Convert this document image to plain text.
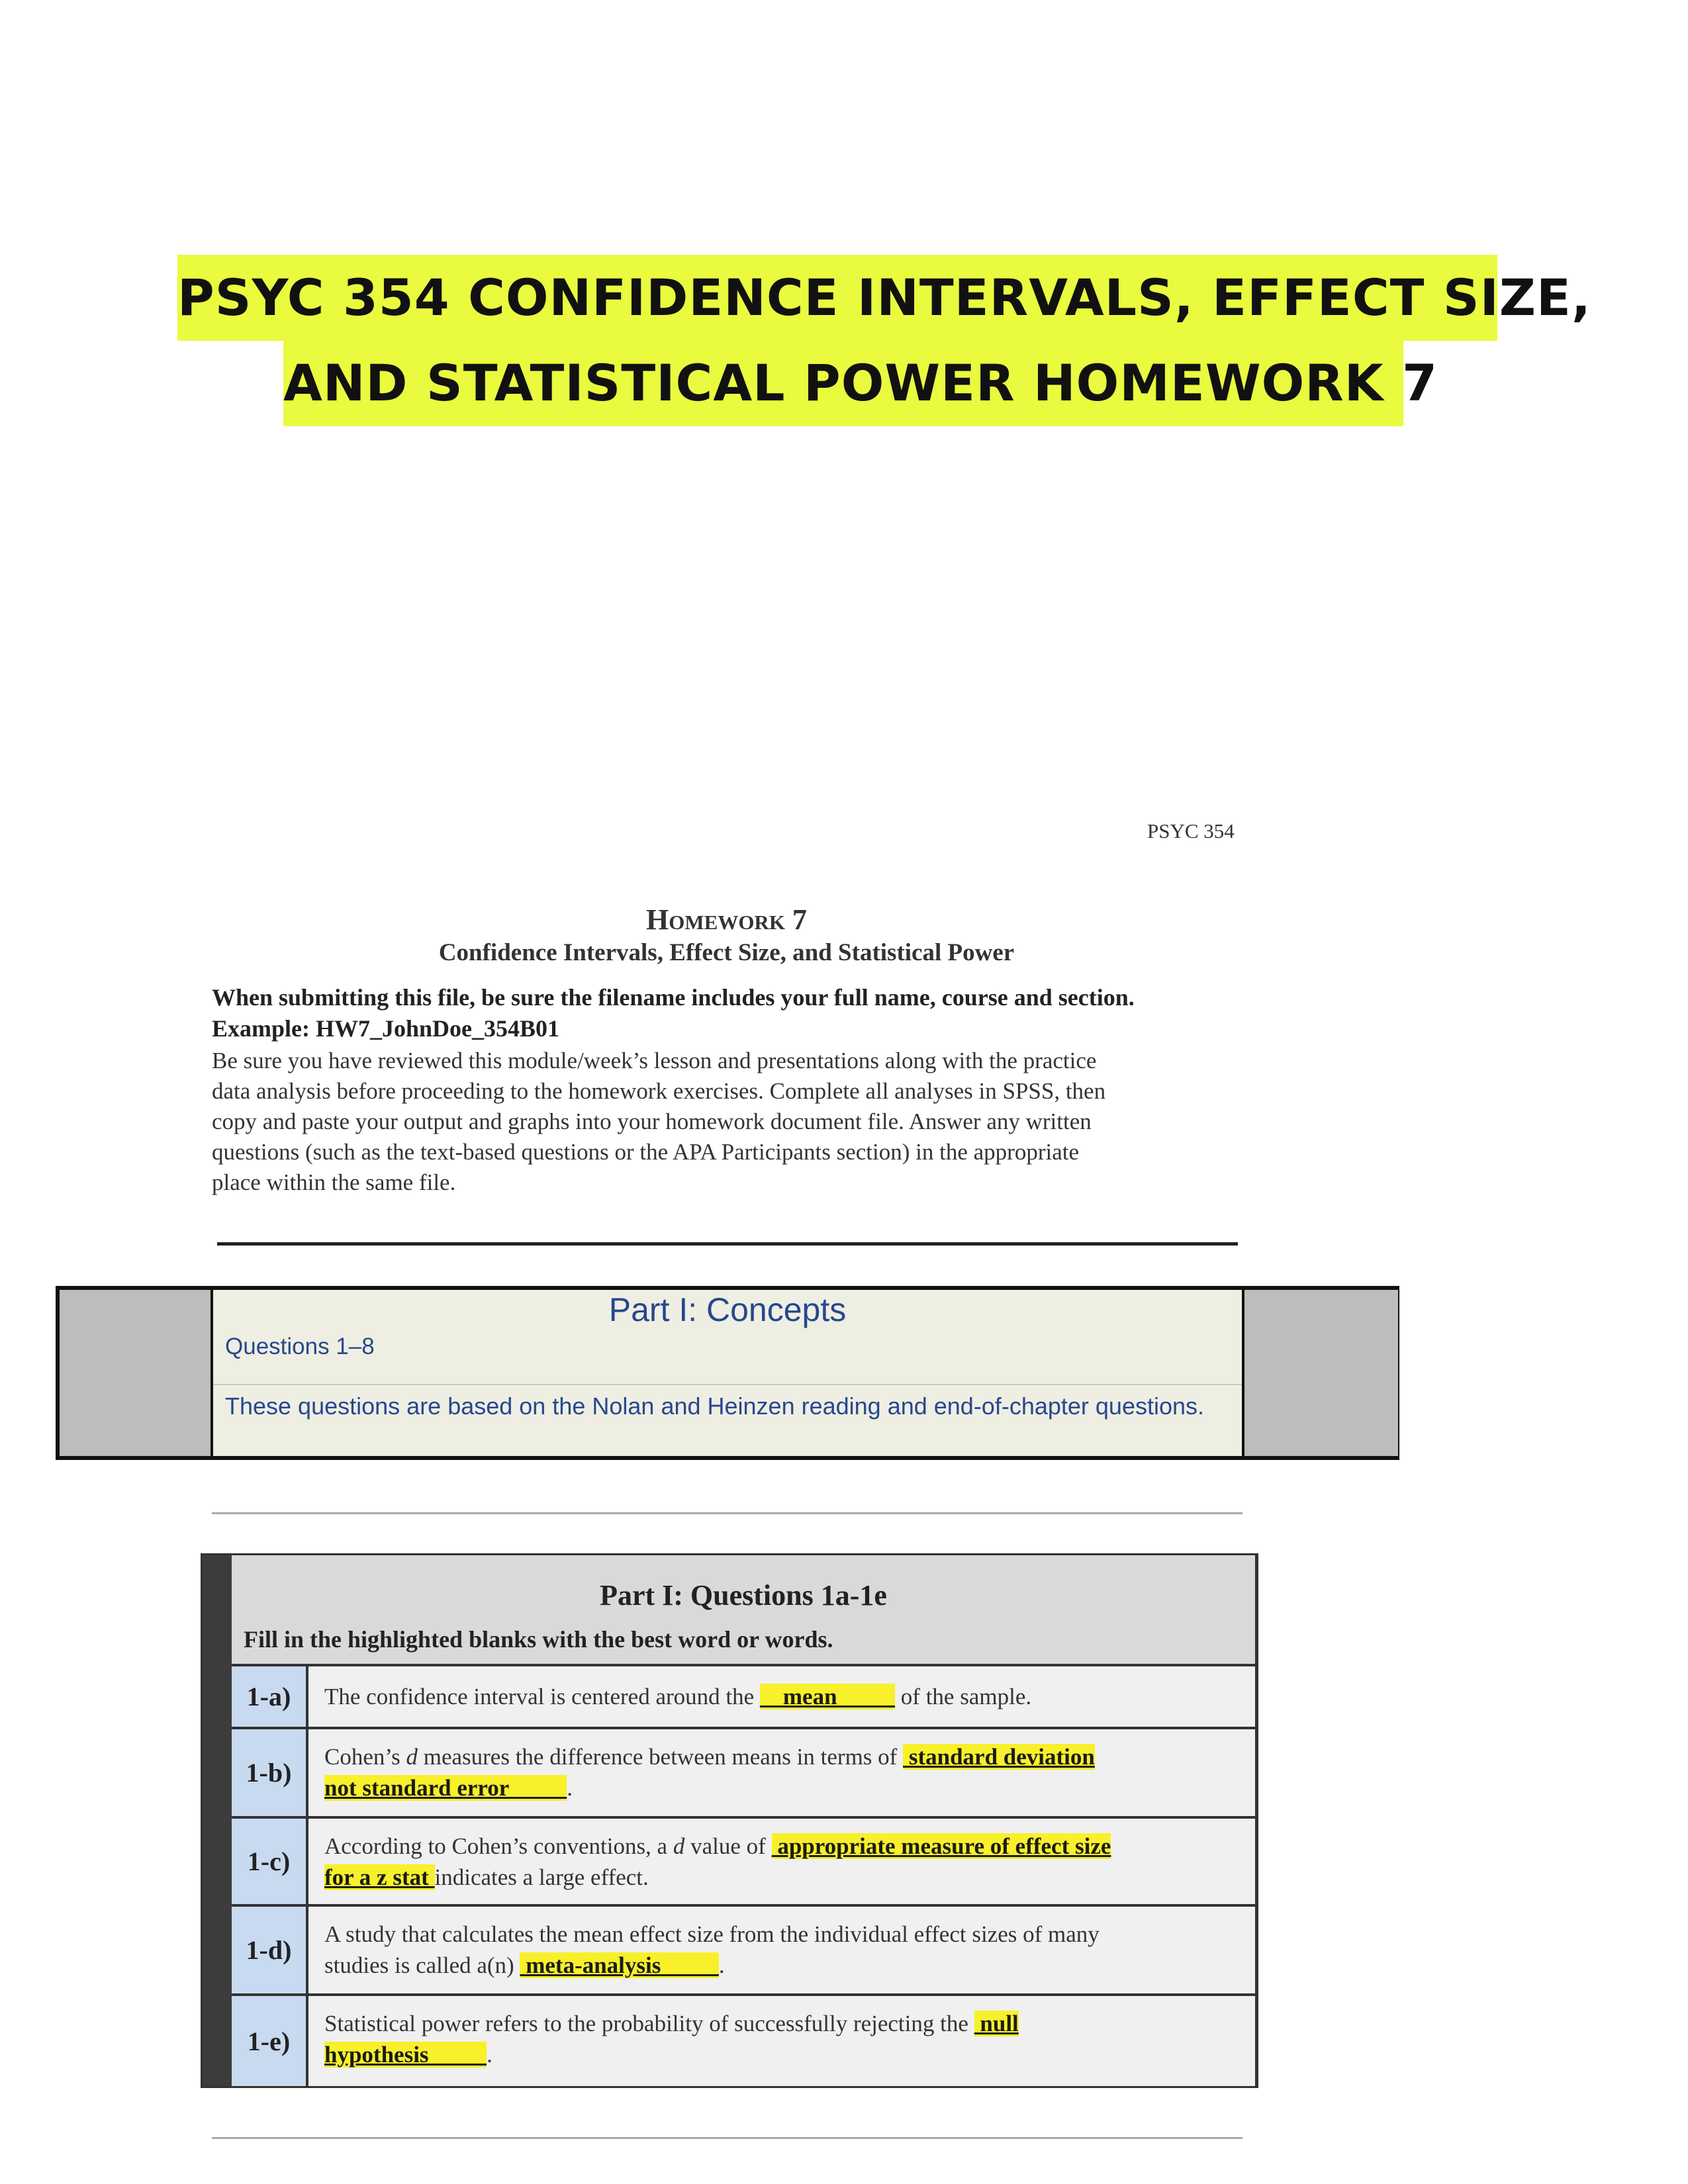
PSYC 354 CONFIDENCE INTERVALS, EFFECT SIZE,
AND STATISTICAL POWER HOMEWORK 7
PSYC 354
Homework 7
Confidence Intervals, Effect Size, and Statistical Power
When submitting this file, be sure the filename includes your full name, course and section.
Example: HW7_JohnDoe_354B01
Be sure you have reviewed this module/week’s lesson and presentations along with the practice
data analysis before proceeding to the homework exercises. Complete all analyses in SPSS, then
copy and paste your output and graphs into your homework document file. Answer any written
questions (such as the text-based questions or the APA Participants section) in the appropriate
place within the same file.
Part I: Concepts
Questions 1–8
These questions are based on the Nolan and Heinzen reading and end-of-chapter questions.
Part I: Questions 1a-1e
Fill in the highlighted blanks with the best word or words.
1-a)	The confidence interval is centered around the     mean           of the sample.
1-b)
Cohen’s d measures the difference between means in terms of  standard deviation
not standard error          .
1-c)
According to Cohen’s conventions, a d value of  appropriate measure of effect size
for a z stat indicates a large effect.
1-d)
A study that calculates the mean effect size from the individual effect sizes of many
studies is called a(n)  meta-analysis          .
1-e)
Statistical power refers to the probability of successfully rejecting the  null
hypothesis          .
